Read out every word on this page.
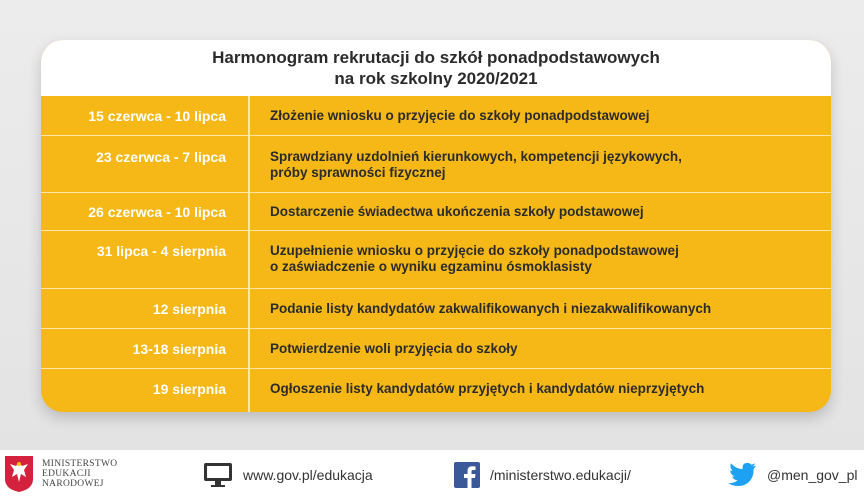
Harmonogram rekrutacji do szkół ponadpodstawowych
na rok szkolny 2020/2021
15 czerwca - 10 lipca	Złożenie wniosku o przyjęcie do szkoły ponadpodstawowej
23 czerwca - 7 lipca	Sprawdziany uzdolnień kierunkowych, kompetencji językowych,
próby sprawności fizycznej
26 czerwca - 10 lipca	Dostarczenie świadectwa ukończenia szkoły podstawowej
31 lipca - 4 sierpnia	Uzupełnienie wniosku o przyjęcie do szkoły ponadpodstawowej
o zaświadczenie o wyniku egzaminu ósmoklasisty
12 sierpnia	Podanie listy kandydatów zakwalifikowanych i niezakwalifikowanych
13-18 sierpnia	Potwierdzenie woli przyjęcia do szkoły
19 sierpnia	Ogłoszenie listy kandydatów przyjętych i kandydatów nieprzyjętych
MINISTERSTWO
EDUKACJI
NARODOWEJ
www.gov.pl/edukacja	/ministerstwo.edukacji/	@men_gov_pl
